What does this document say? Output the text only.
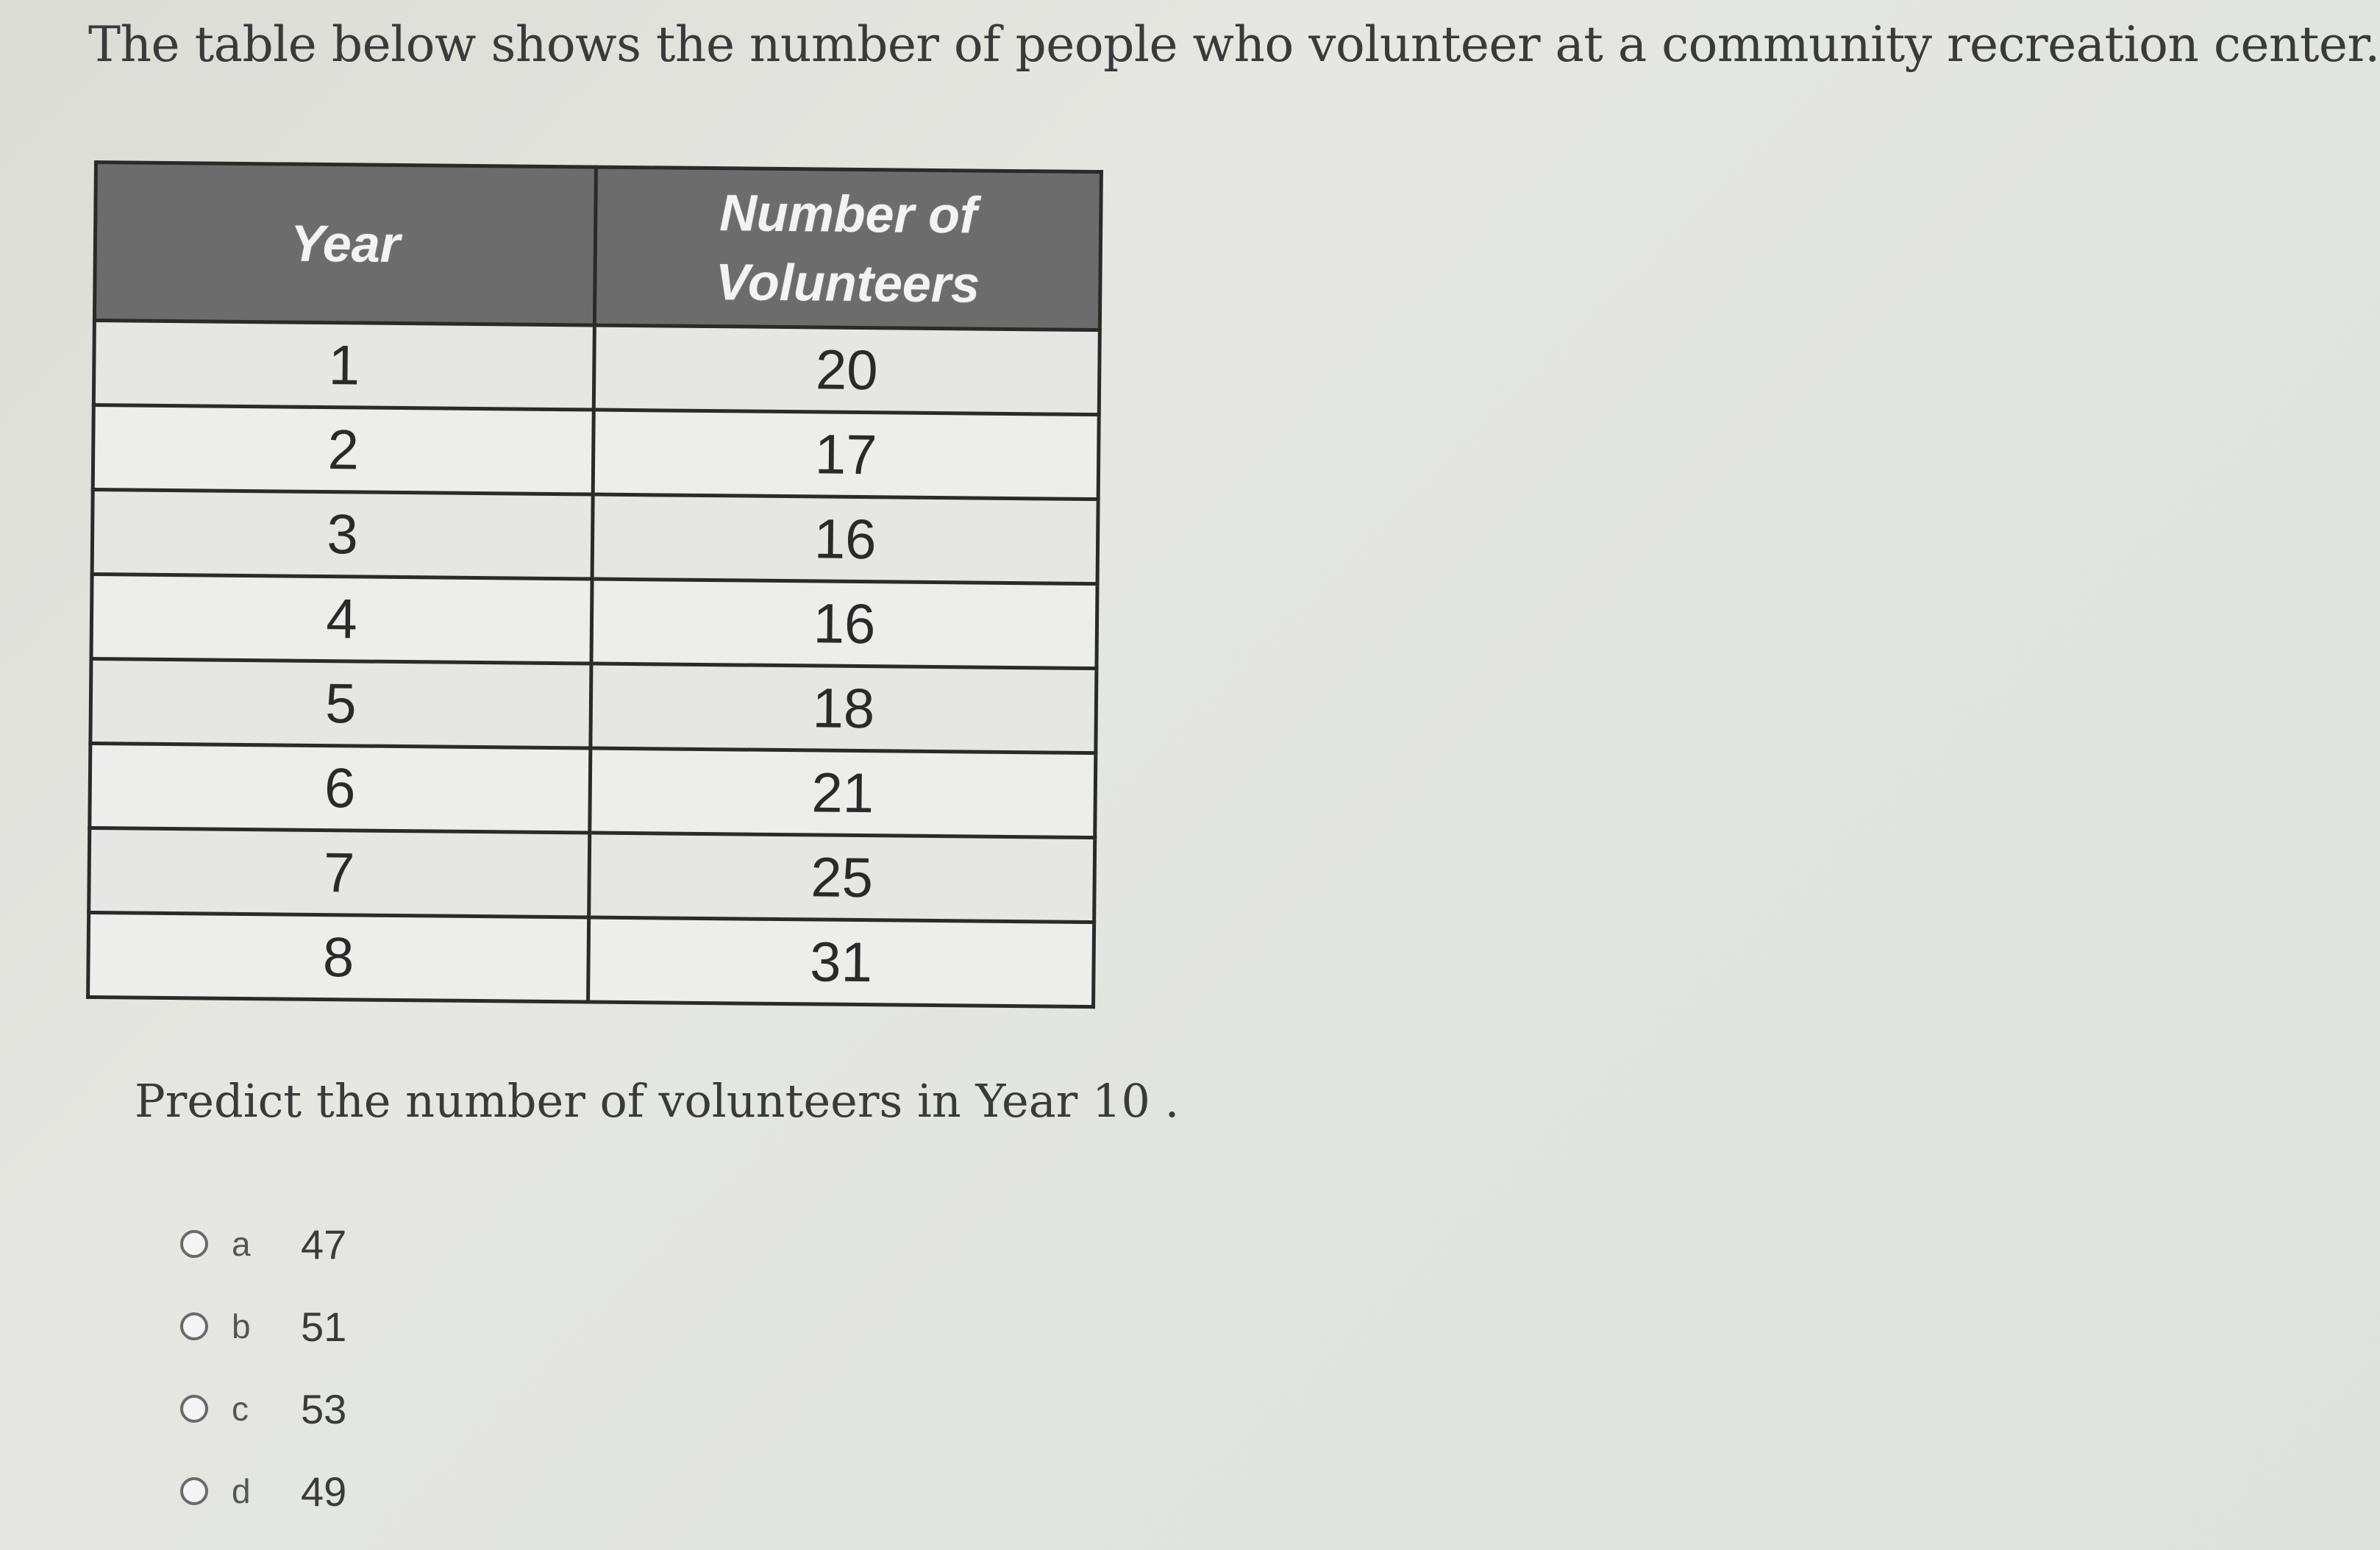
The table below shows the number of people who volunteer at a community recreation center.
Year	Number of Volunteers
1	20
2	17
3	16
4	16
5	18
6	21
7	25
8	31
Predict the number of volunteers in Year 10 .
a	47
b	51
c	53
d	49
